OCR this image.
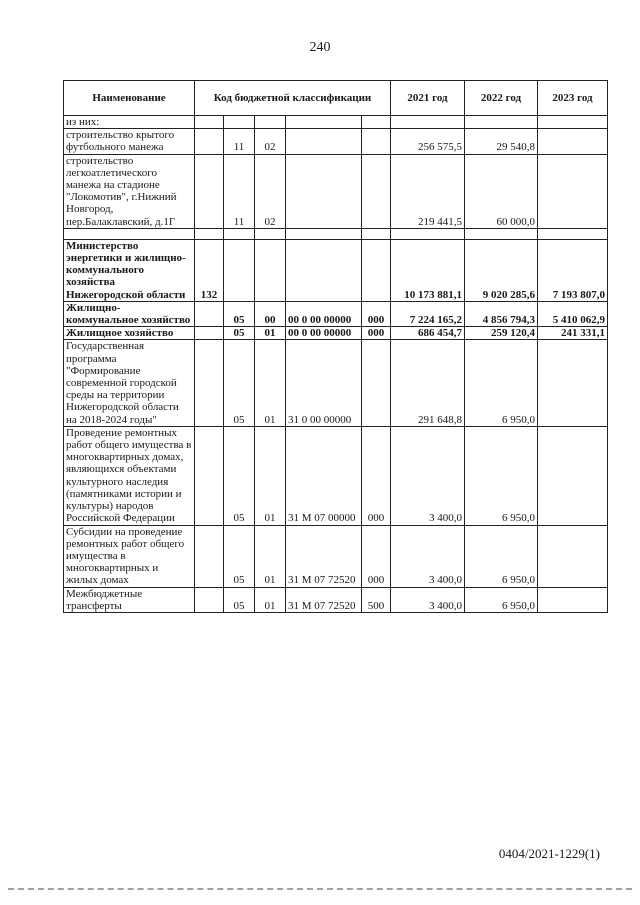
240
Наименование	Код бюджетной классификации					2021 год	2022 год	2023 год
из них:								
строительство крытого футбольного манежа		11	02			256 575,5	29 540,8	
строительство легкоатлетического манежа на стадионе "Локомотив", г.Нижний Новгород, пер.Балаклавский, д.1Г		11	02			219 441,5	60 000,0	

Министерство энергетики и жилищно-коммунального хозяйства Нижегородской области	132					10 173 881,1	9 020 285,6	7 193 807,0
Жилищно-коммунальное хозяйство		05	00	00 0 00 00000	000	7 224 165,2	4 856 794,3	5 410 062,9
Жилищное хозяйство		05	01	00 0 00 00000	000	686 454,7	259 120,4	241 331,1
Государственная программа "Формирование современной городской среды на территории Нижегородской области на 2018-2024 годы"		05	01	31 0 00 00000		291 648,8	6 950,0	
Проведение ремонтных работ общего имущества в многоквартирных домах, являющихся объектами культурного наследия (памятниками истории и культуры) народов Российской Федерации		05	01	31 М 07 00000	000	3 400,0	6 950,0	
Субсидии на проведение ремонтных работ общего имущества в многоквартирных и жилых домах		05	01	31 М 07 72520	000	3 400,0	6 950,0	
Межбюджетные трансферты		05	01	31 М 07 72520	500	3 400,0	6 950,0	
0404/2021-1229(1)
